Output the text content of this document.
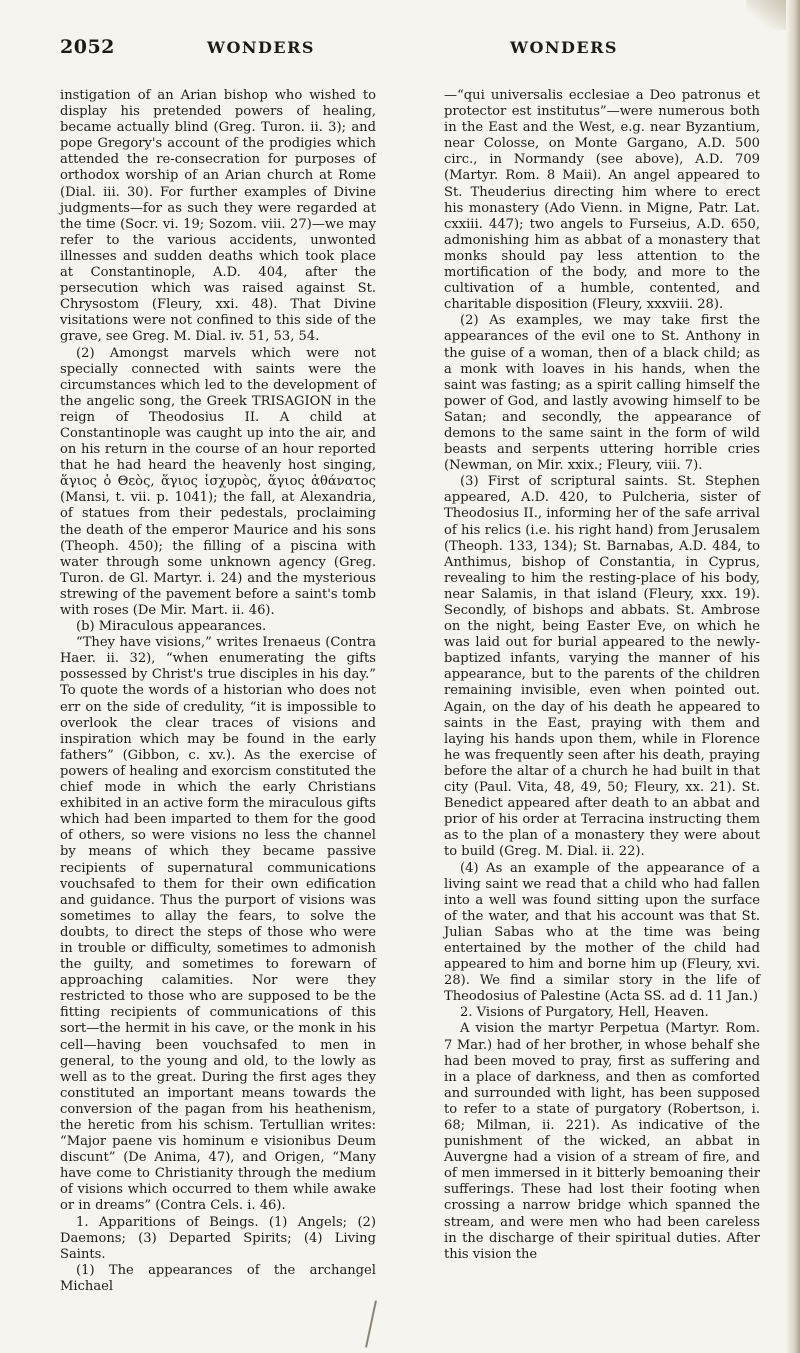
2052	WONDERS	WONDERS

instigation of an Arian bishop who wished to display his pretended powers of healing, became actually blind (Greg. Turon. ii. 3); and pope Gregory's account of the prodigies which attended the re-consecration for purposes of orthodox worship of an Arian church at Rome (Dial. iii. 30). For further examples of Divine judgments—for as such they were regarded at the time (Socr. vi. 19; Sozom. viii. 27)—we may refer to the various accidents, unwonted illnesses and sudden deaths which took place at Constantinople, A.D. 404, after the persecution which was raised against St. Chrysostom (Fleury, xxi. 48). That Divine visitations were not confined to this side of the grave, see Greg. M. Dial. iv. 51, 53, 54.

(2) Amongst marvels which were not specially connected with saints were the circumstances which led to the development of the angelic song, the Greek TRISAGION in the reign of Theodosius II. A child at Constantinople was caught up into the air, and on his return in the course of an hour reported that he had heard the heavenly host singing, ἅγιος ὁ Θεὸς, ἅγιος ἰσχυρὸς, ἅγιος ἀθάνατος (Mansi, t. vii. p. 1041); the fall, at Alexandria, of statues from their pedestals, proclaiming the death of the emperor Maurice and his sons (Theoph. 450); the filling of a piscina with water through some unknown agency (Greg. Turon. de Gl. Martyr. i. 24) and the mysterious strewing of the pavement before a saint's tomb with roses (De Mir. Mart. ii. 46).

(b) Miraculous appearances.

“They have visions,” writes Irenaeus (Contra Haer. ii. 32), “when enumerating the gifts possessed by Christ's true disciples in his day.” To quote the words of a historian who does not err on the side of credulity, “it is impossible to overlook the clear traces of visions and inspiration which may be found in the early fathers” (Gibbon, c. xv.). As the exercise of powers of healing and exorcism constituted the chief mode in which the early Christians exhibited in an active form the miraculous gifts which had been imparted to them for the good of others, so were visions no less the channel by means of which they became passive recipients of supernatural communications vouchsafed to them for their own edification and guidance. Thus the purport of visions was sometimes to allay the fears, to solve the doubts, to direct the steps of those who were in trouble or difficulty, sometimes to admonish the guilty, and sometimes to forewarn of approaching calamities. Nor were they restricted to those who are supposed to be the fitting recipients of communications of this sort—the hermit in his cave, or the monk in his cell—having been vouchsafed to men in general, to the young and old, to the lowly as well as to the great. During the first ages they constituted an important means towards the conversion of the pagan from his heathenism, the heretic from his schism. Tertullian writes: “Major paene vis hominum e visionibus Deum discunt” (De Anima, 47), and Origen, “Many have come to Christianity through the medium of visions which occurred to them while awake or in dreams” (Contra Cels. i. 46).

1. Apparitions of Beings. (1) Angels; (2) Daemons; (3) Departed Spirits; (4) Living Saints.

(1) The appearances of the archangel Michael

—“qui universalis ecclesiae a Deo patronus et protector est institutus”—were numerous both in the East and the West, e.g. near Byzantium, near Colosse, on Monte Gargano, A.D. 500 circ., in Normandy (see above), A.D. 709 (Martyr. Rom. 8 Maii). An angel appeared to St. Theuderius directing him where to erect his monastery (Ado Vienn. in Migne, Patr. Lat. cxxiii. 447); two angels to Furseius, A.D. 650, admonishing him as abbat of a monastery that monks should pay less attention to the mortification of the body, and more to the cultivation of a humble, contented, and charitable disposition (Fleury, xxxviii. 28).

(2) As examples, we may take first the appearances of the evil one to St. Anthony in the guise of a woman, then of a black child; as a monk with loaves in his hands, when the saint was fasting; as a spirit calling himself the power of God, and lastly avowing himself to be Satan; and secondly, the appearance of demons to the same saint in the form of wild beasts and serpents uttering horrible cries (Newman, on Mir. xxix.; Fleury, viii. 7).

(3) First of scriptural saints. St. Stephen appeared, A.D. 420, to Pulcheria, sister of Theodosius II., informing her of the safe arrival of his relics (i.e. his right hand) from Jerusalem (Theoph. 133, 134); St. Barnabas, A.D. 484, to Anthimus, bishop of Constantia, in Cyprus, revealing to him the resting-place of his body, near Salamis, in that island (Fleury, xxx. 19). Secondly, of bishops and abbats. St. Ambrose on the night, being Easter Eve, on which he was laid out for burial appeared to the newly-baptized infants, varying the manner of his appearance, but to the parents of the children remaining invisible, even when pointed out. Again, on the day of his death he appeared to saints in the East, praying with them and laying his hands upon them, while in Florence he was frequently seen after his death, praying before the altar of a church he had built in that city (Paul. Vita, 48, 49, 50; Fleury, xx. 21). St. Benedict appeared after death to an abbat and prior of his order at Terracina instructing them as to the plan of a monastery they were about to build (Greg. M. Dial. ii. 22).

(4) As an example of the appearance of a living saint we read that a child who had fallen into a well was found sitting upon the surface of the water, and that his account was that St. Julian Sabas who at the time was being entertained by the mother of the child had appeared to him and borne him up (Fleury, xvi. 28). We find a similar story in the life of Theodosius of Palestine (Acta SS. ad d. 11 Jan.)

2. Visions of Purgatory, Hell, Heaven.

A vision the martyr Perpetua (Martyr. Rom. 7 Mar.) had of her brother, in whose behalf she had been moved to pray, first as suffering and in a place of darkness, and then as comforted and surrounded with light, has been supposed to refer to a state of purgatory (Robertson, i. 68; Milman, ii. 221). As indicative of the punishment of the wicked, an abbat in Auvergne had a vision of a stream of fire, and of men immersed in it bitterly bemoaning their sufferings. These had lost their footing when crossing a narrow bridge which spanned the stream, and were men who had been careless in the discharge of their spiritual duties. After this vision the
